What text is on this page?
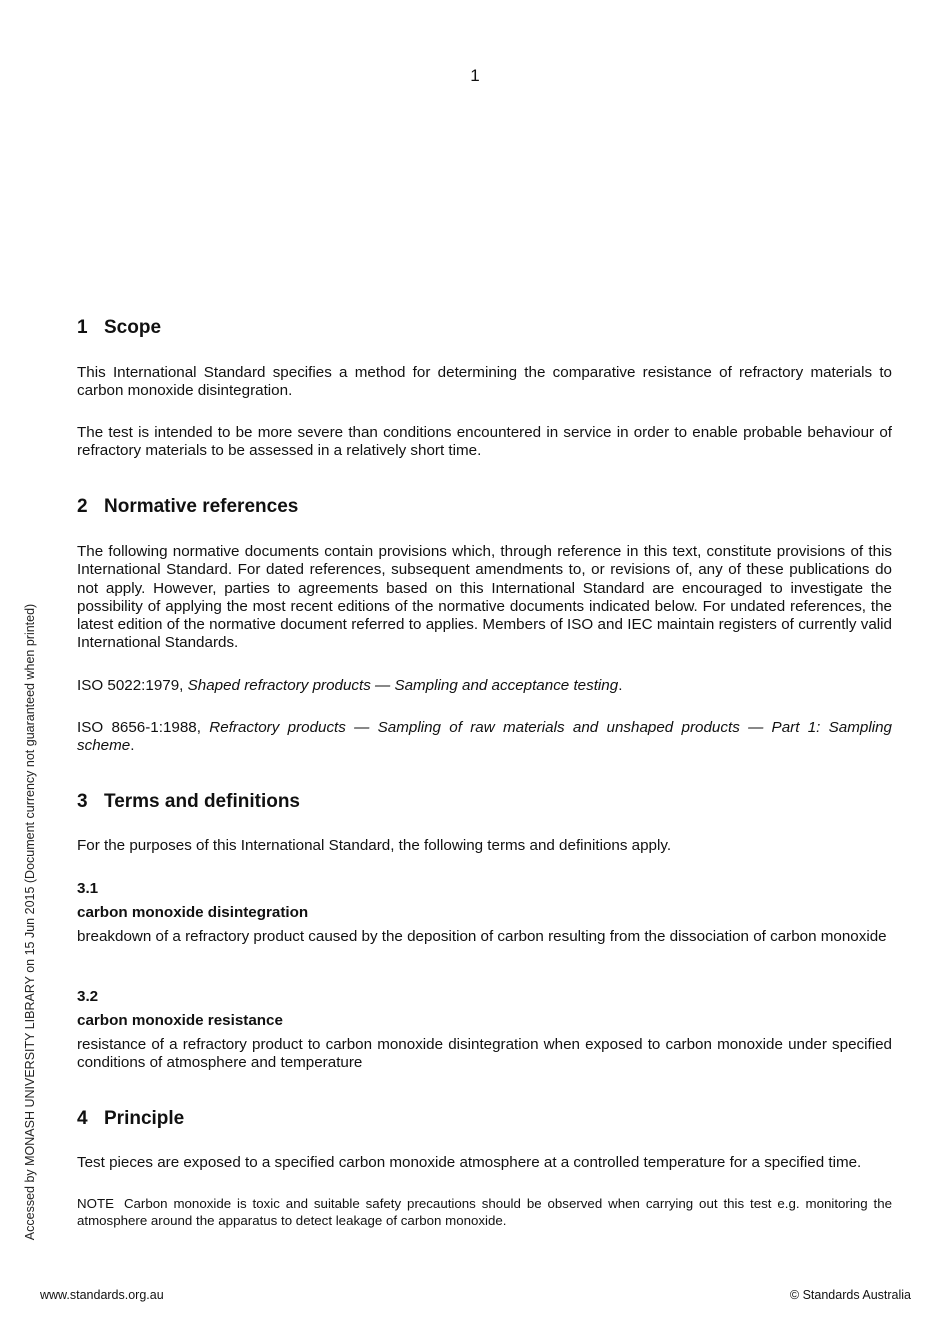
1
Accessed by MONASH UNIVERSITY LIBRARY on 15 Jun 2015 (Document currency not guaranteed when printed)
1 Scope

This International Standard specifies a method for determining the comparative resistance of refractory materials to carbon monoxide disintegration.

The test is intended to be more severe than conditions encountered in service in order to enable probable behaviour of refractory materials to be assessed in a relatively short time.

2 Normative references

The following normative documents contain provisions which, through reference in this text, constitute provisions of this International Standard. For dated references, subsequent amendments to, or revisions of, any of these publications do not apply. However, parties to agreements based on this International Standard are encouraged to investigate the possibility of applying the most recent editions of the normative documents indicated below. For undated references, the latest edition of the normative document referred to applies. Members of ISO and IEC maintain registers of currently valid International Standards.

ISO 5022:1979, Shaped refractory products — Sampling and acceptance testing.

ISO 8656-1:1988, Refractory products — Sampling of raw materials and unshaped products — Part 1: Sampling scheme.

3 Terms and definitions

For the purposes of this International Standard, the following terms and definitions apply.

3.1
carbon monoxide disintegration

breakdown of a refractory product caused by the deposition of carbon resulting from the dissociation of carbon monoxide

3.2
carbon monoxide resistance

resistance of a refractory product to carbon monoxide disintegration when exposed to carbon monoxide under specified conditions of atmosphere and temperature

4 Principle

Test pieces are exposed to a specified carbon monoxide atmosphere at a controlled temperature for a specified time.

NOTE Carbon monoxide is toxic and suitable safety precautions should be observed when carrying out this test e.g. monitoring the atmosphere around the apparatus to detect leakage of carbon monoxide.

www.standards.org.au	© Standards Australia
